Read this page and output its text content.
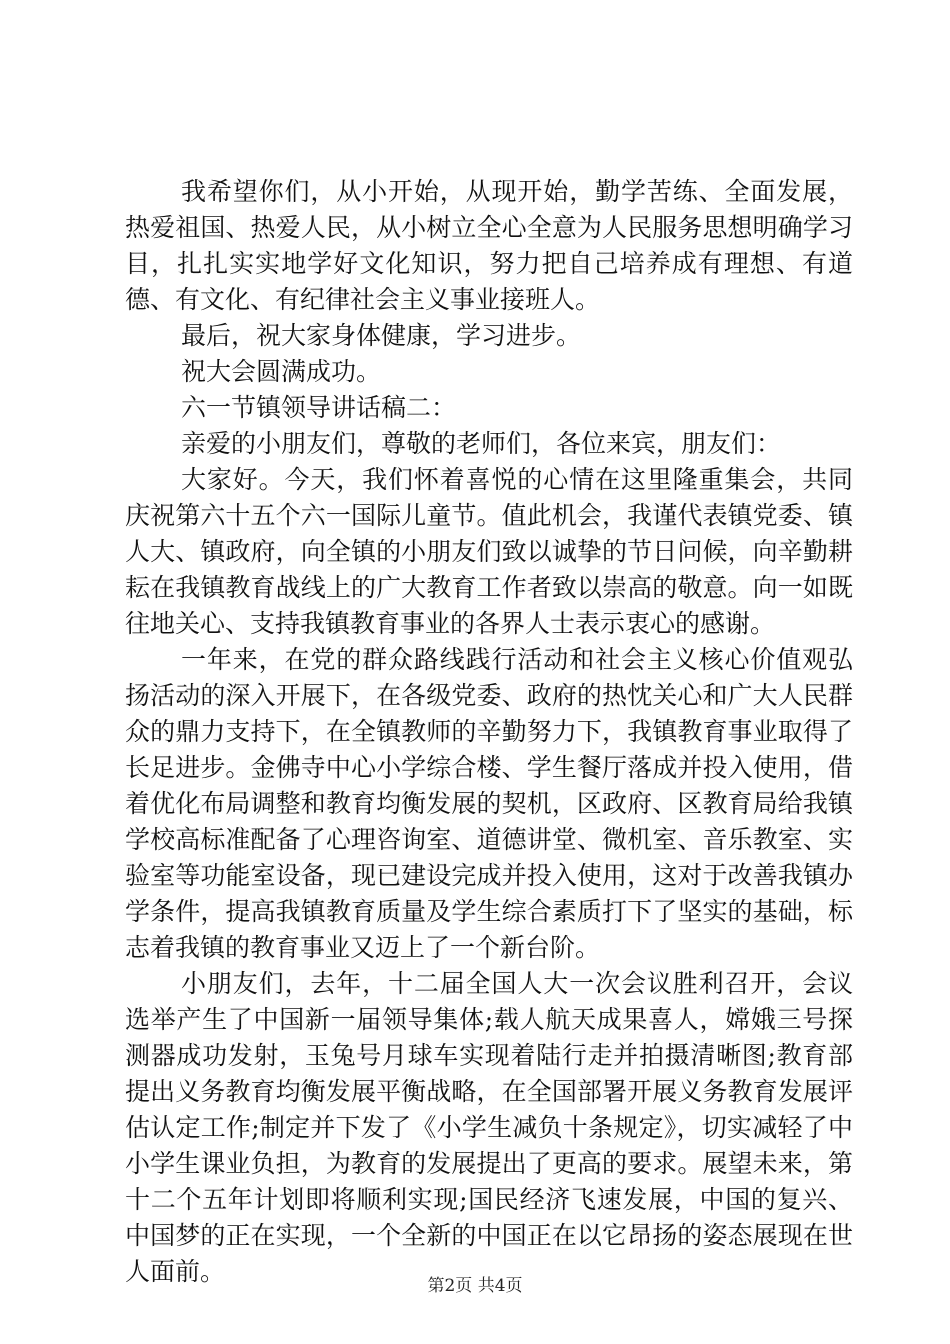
我希望你们，从小开始，从现开始，勤学苦练、全面发展，热爱祖国、热爱人民，从小树立全心全意为人民服务思想明确学习目，扎扎实实地学好文化知识，努力把自己培养成有理想、有道德、有文化、有纪律社会主义事业接班人。

最后，祝大家身体健康，学习进步。

祝大会圆满成功。

六一节镇领导讲话稿二：

亲爱的小朋友们，尊敬的老师们，各位来宾，朋友们：

大家好。今天，我们怀着喜悦的心情在这里隆重集会，共同庆祝第六十五个六一国际儿童节。值此机会，我谨代表镇党委、镇人大、镇政府，向全镇的小朋友们致以诚挚的节日问候，向辛勤耕耘在我镇教育战线上的广大教育工作者致以崇高的敬意。向一如既往地关心、支持我镇教育事业的各界人士表示衷心的感谢。

一年来，在党的群众路线践行活动和社会主义核心价值观弘扬活动的深入开展下，在各级党委、政府的热忱关心和广大人民群众的鼎力支持下，在全镇教师的辛勤努力下，我镇教育事业取得了长足进步。金佛寺中心小学综合楼、学生餐厅落成并投入使用，借着优化布局调整和教育均衡发展的契机，区政府、区教育局给我镇学校高标准配备了心理咨询室、道德讲堂、微机室、音乐教室、实验室等功能室设备，现已建设完成并投入使用，这对于改善我镇办学条件，提高我镇教育质量及学生综合素质打下了坚实的基础，标志着我镇的教育事业又迈上了一个新台阶。

小朋友们，去年，十二届全国人大一次会议胜利召开，会议选举产生了中国新一届领导集体;载人航天成果喜人，嫦娥三号探测器成功发射，玉兔号月球车实现着陆行走并拍摄清晰图;教育部提出义务教育均衡发展平衡战略，在全国部署开展义务教育发展评估认定工作;制定并下发了《小学生减负十条规定》，切实减轻了中小学生课业负担，为教育的发展提出了更高的要求。展望未来，第十二个五年计划即将顺利实现;国民经济飞速发展，中国的复兴、中国梦的正在实现，一个全新的中国正在以它昂扬的姿态展现在世人面前。	第2页 共4页
